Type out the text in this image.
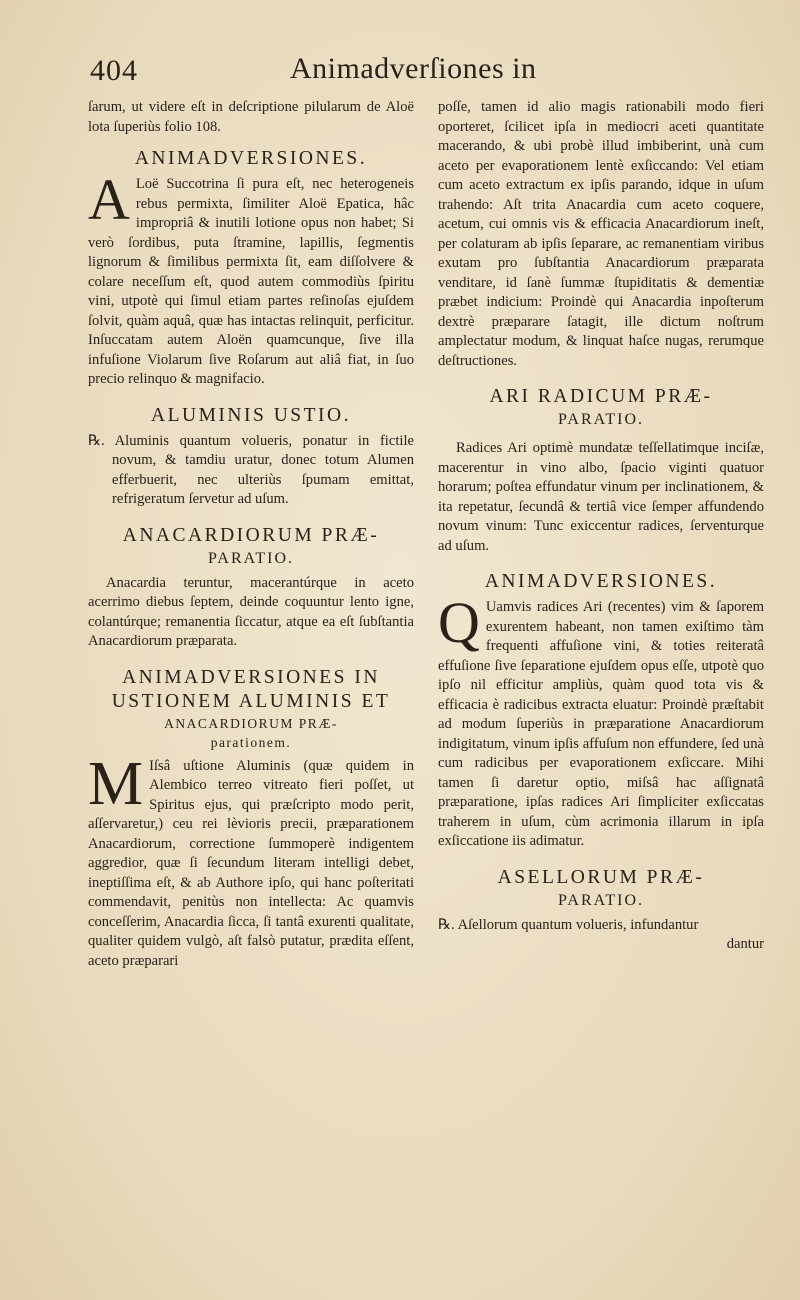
404	Animadverſiones in

ſarum, ut videre eſt in deſcriptione pilularum de Aloë lota ſuperiùs folio 108.

ANIMADVERSIONES.

A Loë Succotrina ſi pura eſt, nec heterogeneis rebus permixta, ſimiliter Aloë Epatica, hâc impropriâ & inutili lotione opus non habet; Si verò ſordibus, puta ſtramine, lapillis, ſegmentis lignorum & ſimilibus permixta ſit, eam diſſolvere & colare neceſſum eſt, quod autem commodiùs ſpiritu vini, utpotè qui ſimul etiam partes reſinoſas ejuſdem ſolvit, quàm aquâ, quæ has intactas relinquit, perficitur. Inſuccatam autem Aloën quamcunque, ſive illa infuſione Violarum ſive Roſarum aut aliâ fiat, in ſuo precio relinquo & magnifacio.

ALUMINIS USTIO.

℞. Aluminis quantum volueris, ponatur in fictile novum, & tamdiu uratur, donec totum Alumen efferbuerit, nec ulteriùs ſpumam emittat, refrigeratum ſervetur ad uſum.

ANACARDIORUM PRÆ-

PARATIO.

Anacardia teruntur, macerantúrque in aceto acerrimo diebus ſeptem, deinde coquuntur lento igne, colantúrque; remanentia ſiccatur, atque ea eſt ſubſtantia Anacardiorum præparata.

ANIMADVERSIONES IN

USTIONEM ALUMINIS ET

ANACARDIORUM PRÆ-

parationem.

M Iſsâ uſtione Aluminis (quæ quidem in Alembico terreo vitreato fieri poſſet, ut Spiritus ejus, qui præſcripto modo perit, aſſervaretur,) ceu rei lèvioris precii, præparationem Anacardiorum, correctione ſummoperè indigentem aggredior, quæ ſi ſecundum literam intelligi debet, ineptiſſima eſt, & ab Authore ipſo, qui hanc poſteritati commendavit, penitùs non intellecta: Ac quamvis conceſſerim, Anacardia ſicca, ſi tantâ exurenti qualitate, qualiter quidem vulgò, aſt falsò putatur, prædita eſſent, aceto præparari

poſſe, tamen id alio magis rationabili modo fieri oporteret, ſcilicet ipſa in mediocri aceti quantitate macerando, & ubi probè illud imbiberint, unà cum aceto per evaporationem lentè exſiccando: Vel etiam cum aceto extractum ex ipſis parando, idque in uſum trahendo: Aſt trita Anacardia cum aceto coquere, acetum, cui omnis vis & efficacia Anacardiorum ineſt, per colaturam ab ipſis ſeparare, ac remanentiam viribus exutam pro ſubſtantia Anacardiorum præparata venditare, id ſanè ſummæ ſtupiditatis & dementiæ præbet indicium: Proindè qui Anacardia inpoſterum dextrè præparare ſatagit, ille dictum noſtrum amplectatur modum, & linquat haſce nugas, rerumque deſtructiones.

ARI RADICUM PRÆ-

PARATIO.

Radices Ari optimè mundatæ teſſellatimque inciſæ, macerentur in vino albo, ſpacio viginti quatuor horarum; poſtea effundatur vinum per inclinationem, & ita repetatur, ſecundâ & tertiâ vice ſemper affundendo novum vinum: Tunc exiccentur radices, ſerventurque ad uſum.

ANIMADVERSIONES.

Q Uamvis radices Ari (recentes) vim & ſaporem exurentem habeant, non tamen exiſtimo tàm frequenti affuſione vini, & toties reiteratâ effuſione ſive ſeparatione ejuſdem opus eſſe, utpotè quo ipſo nil efficitur ampliùs, quàm quod tota vis & efficacia è radicibus extracta eluatur: Proindè præſtabit ad modum ſuperiùs in præparatione Anacardiorum indigitatum, vinum ipſis affuſum non effundere, ſed unà cum radicibus per evaporationem exſiccare. Mihi tamen ſi daretur optio, miſsâ hac aſſignatâ præparatione, ipſas radices Ari ſimpliciter exſiccatas traherem in uſum, cùm acrimonia illarum in ipſa exſiccatione iis adimatur.

ASELLORUM PRÆ-

PARATIO.

℞. Aſellorum quantum volueris, infundantur

dantur
